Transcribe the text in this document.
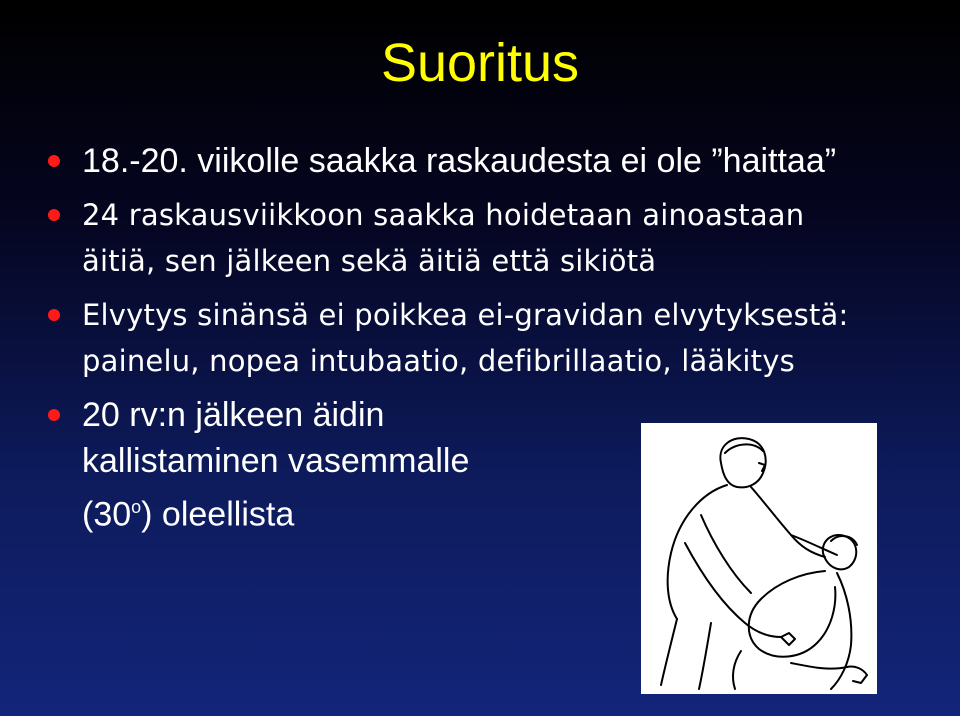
Suoritus
18.-20. viikolle saakka raskaudesta ei ole ”haittaa”
24 raskausviikkoon saakka hoidetaan ainoastaan
äitiä, sen jälkeen sekä äitiä että sikiötä
Elvytys sinänsä ei poikkea ei-gravidan elvytyksestä:
painelu, nopea intubaatio, defibrillaatio, lääkitys
20 rv:n jälkeen äidin
kallistaminen vasemmalle
(30$^o$) oleellista
